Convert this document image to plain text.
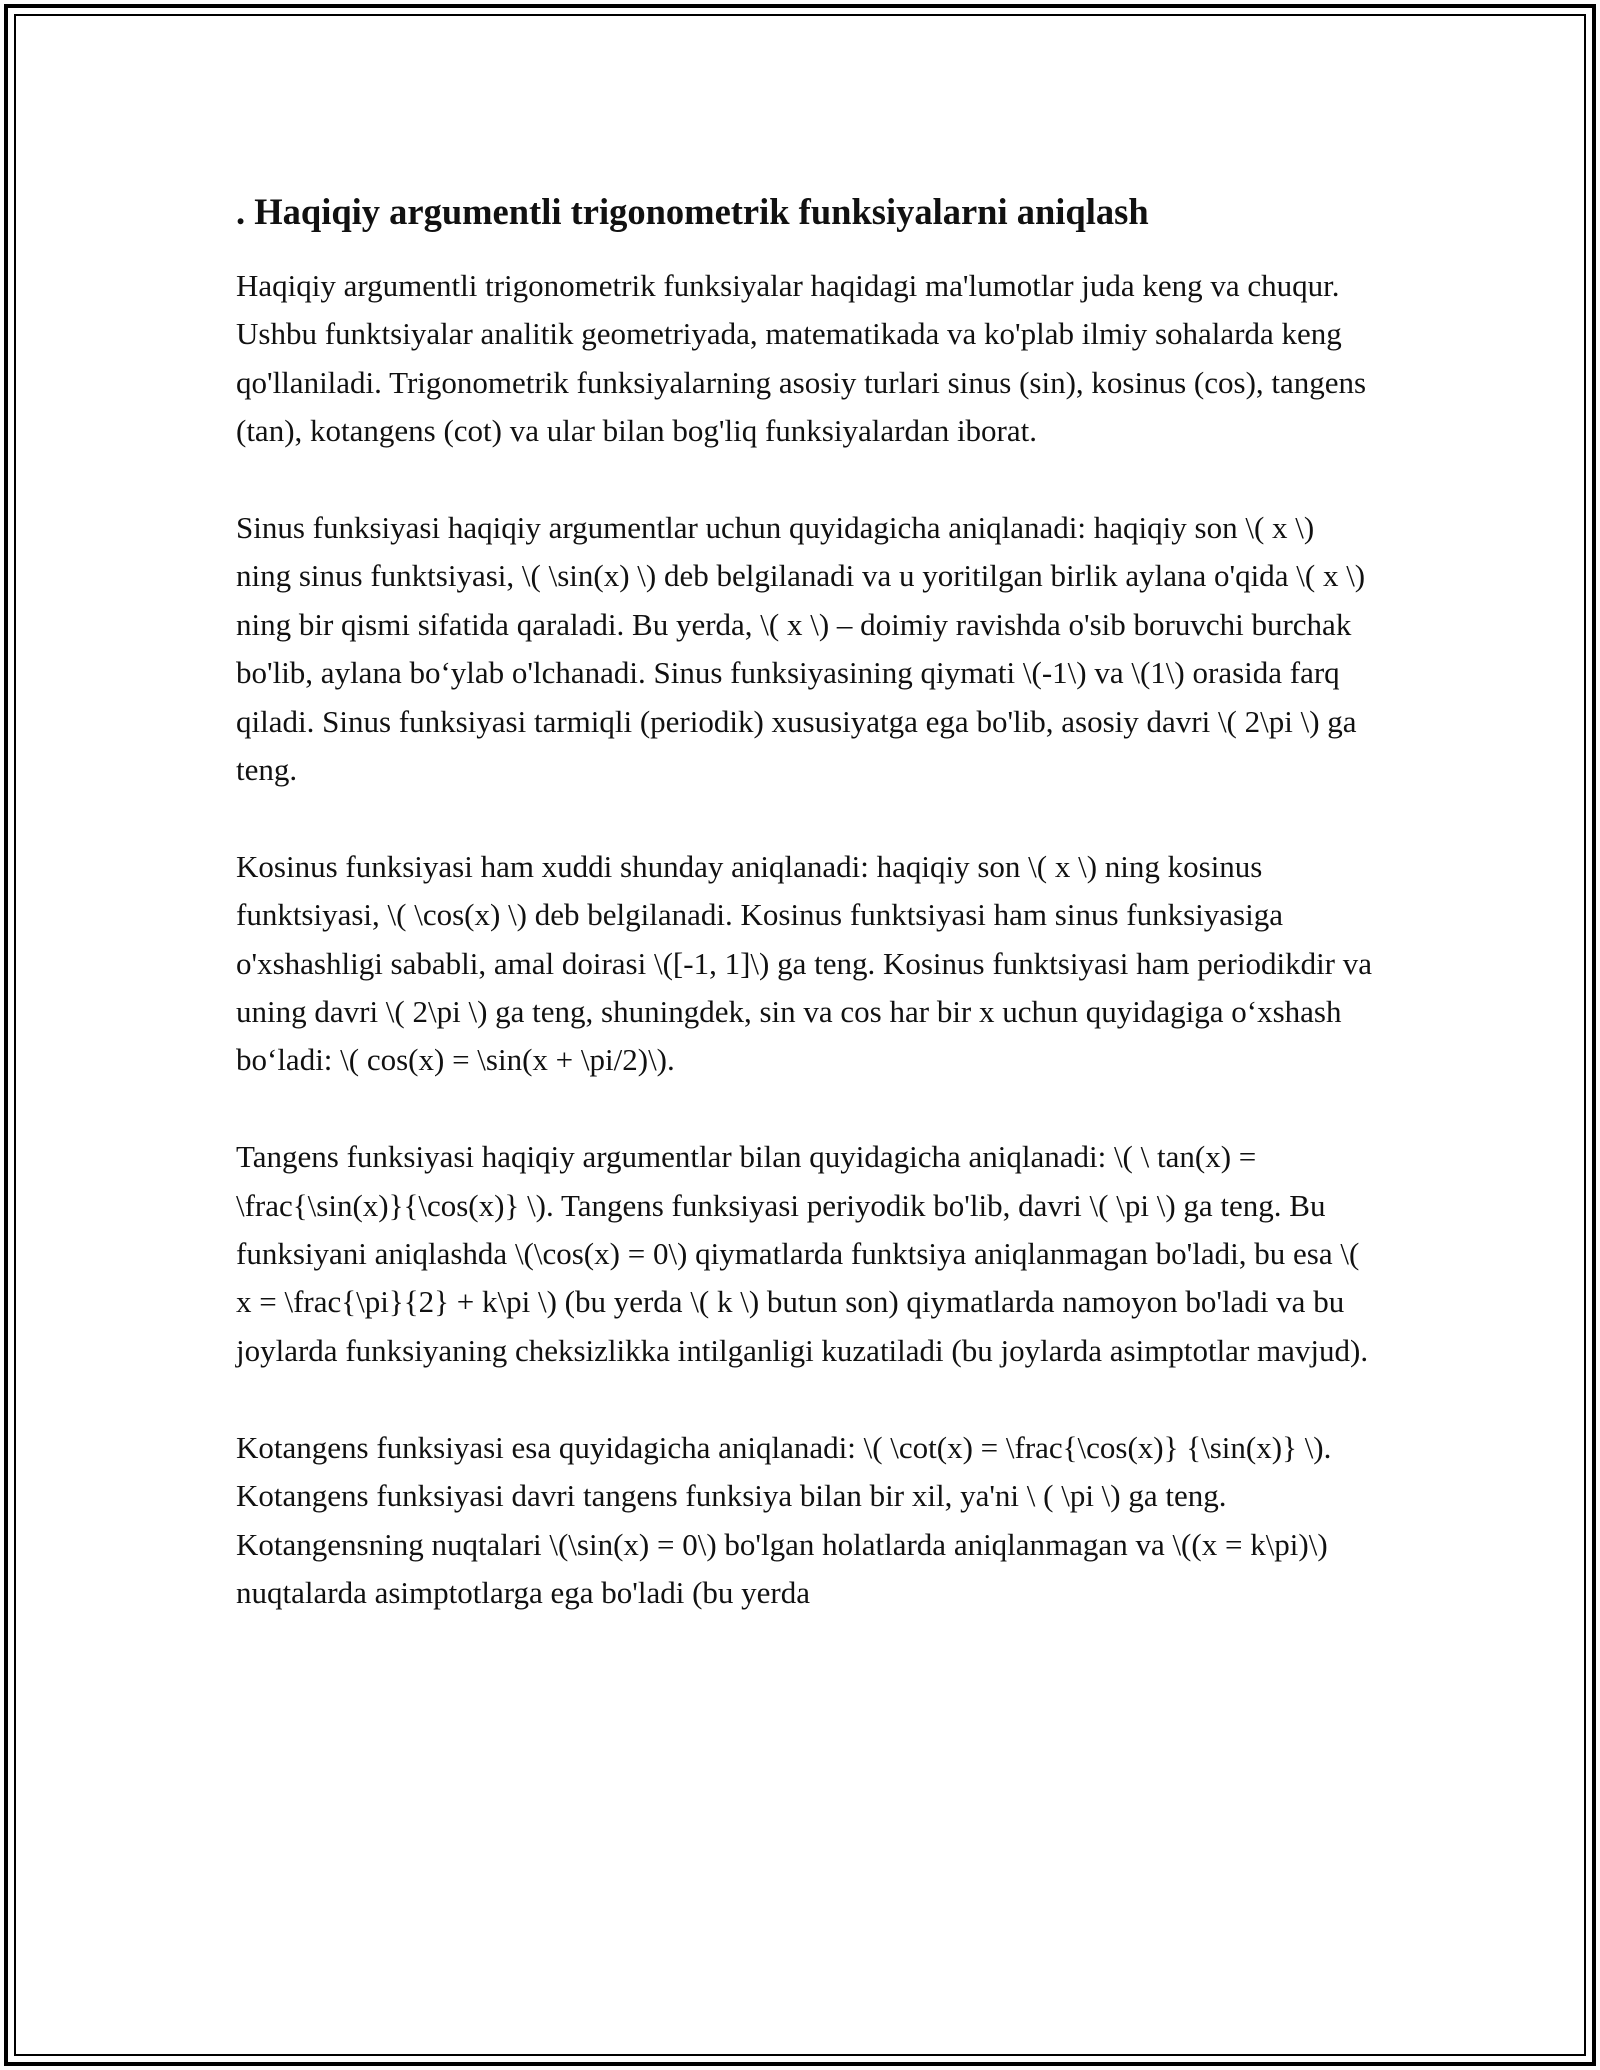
. Haqiqiy argumentli trigonometrik funksiyalarni aniqlash

Haqiqiy argumentli trigonometrik funksiyalar haqidagi ma'lumotlar juda keng va chuqur. Ushbu funktsiyalar analitik geometriyada, matematikada va ko'plab ilmiy sohalarda keng qo'llaniladi. Trigonometrik funksiyalarning asosiy turlari sinus (sin), kosinus (cos), tangens (tan), kotangens (cot) va ular bilan bog'liq funksiyalardan iborat.

Sinus funksiyasi haqiqiy argumentlar uchun quyidagicha aniqlanadi: haqiqiy son \( x \) ning sinus funktsiyasi, \( \sin(x) \) deb belgilanadi va u yoritilgan birlik aylana o'qida \( x \) ning bir qismi sifatida qaraladi. Bu yerda, \( x \) – doimiy ravishda o'sib boruvchi burchak bo'lib, aylana bo‘ylab o'lchanadi. Sinus funksiyasining qiymati \(-1\) va \(1\) orasida farq qiladi. Sinus funksiyasi tarmiqli (periodik) xususiyatga ega bo'lib, asosiy davri \( 2\pi \) ga teng.

Kosinus funksiyasi ham xuddi shunday aniqlanadi: haqiqiy son \( x \) ning kosinus funktsiyasi, \( \cos(x) \) deb belgilanadi. Kosinus funktsiyasi ham sinus funksiyasiga o'xshashligi sababli, amal doirasi \([-1, 1]\) ga teng. Kosinus funktsiyasi ham periodikdir va uning davri \( 2\pi \) ga teng, shuningdek, sin va cos har bir x uchun quyidagiga o‘xshash bo‘ladi: \( cos(x) = \sin(x + \pi/2)\).

Tangens funksiyasi haqiqiy argumentlar bilan quyidagicha aniqlanadi: \( \ tan(x) = \frac{\sin(x)}{\cos(x)} \). Tangens funksiyasi periyodik bo'lib, davri \( \pi \) ga teng. Bu funksiyani aniqlashda \(\cos(x) = 0\) qiymatlarda funktsiya aniqlanmagan bo'ladi, bu esa \( x = \frac{\pi}{2} + k\pi \) (bu yerda \( k \) butun son) qiymatlarda namoyon bo'ladi va bu joylarda funksiyaning cheksizlikka intilganligi kuzatiladi (bu joylarda asimptotlar mavjud).

Kotangens funksiyasi esa quyidagicha aniqlanadi: \( \cot(x) = \frac{\cos(x)} {\sin(x)} \). Kotangens funksiyasi davri tangens funksiya bilan bir xil, ya'ni \ ( \pi \) ga teng. Kotangensning nuqtalari \(\sin(x) = 0\) bo'lgan holatlarda aniqlanmagan va \((x = k\pi)\) nuqtalarda asimptotlarga ega bo'ladi (bu yerda
